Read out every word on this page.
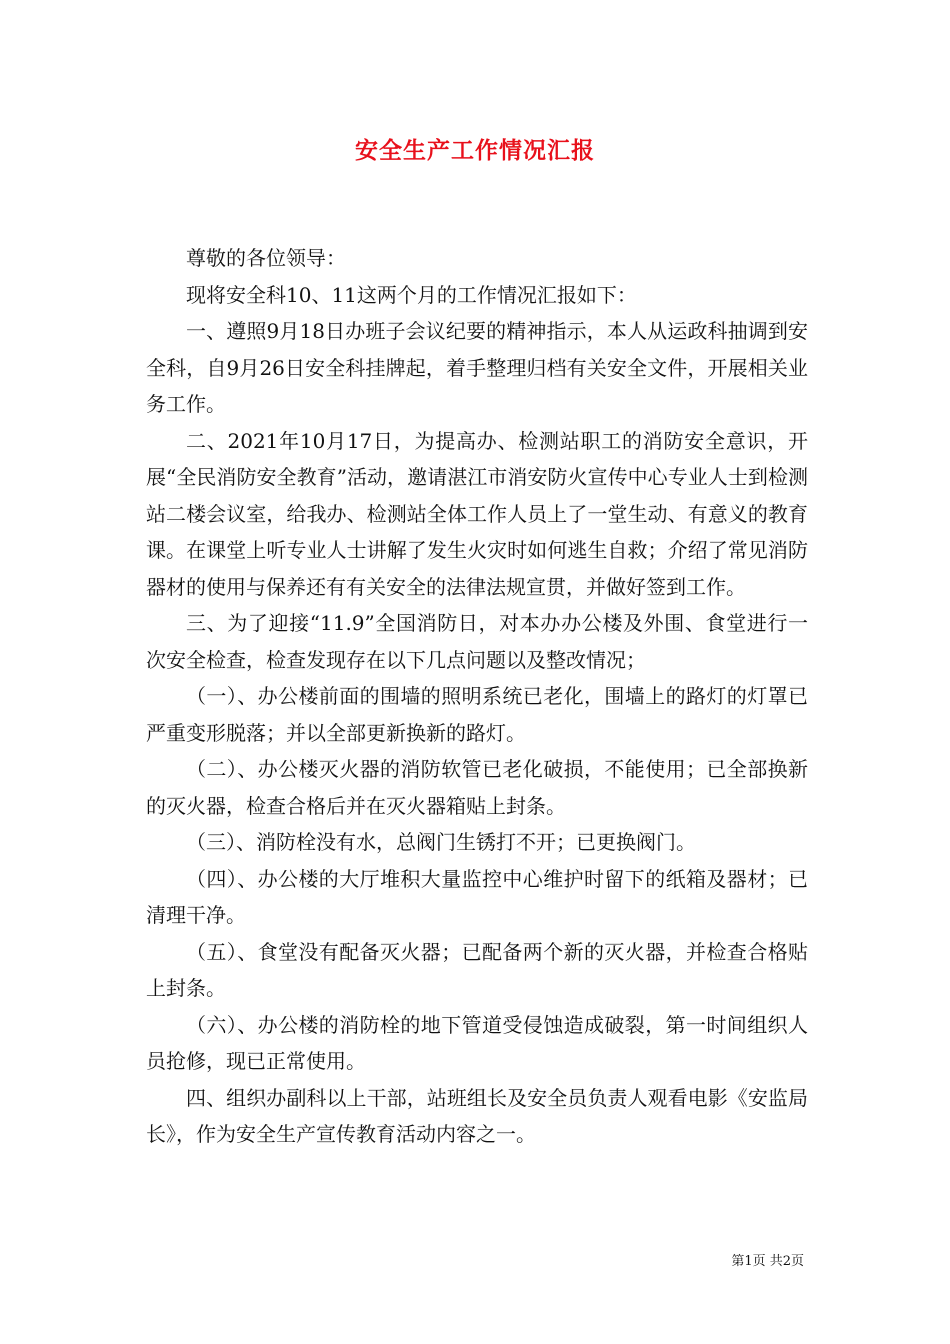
安全生产工作情况汇报

尊敬的各位领导：

现将安全科10、11这两个月的工作情况汇报如下：

一、遵照9月18日办班子会议纪要的精神指示，本人从运政科抽调到安全科，自9月26日安全科挂牌起，着手整理归档有关安全文件，开展相关业务工作。

二、2021年10月17日，为提高办、检测站职工的消防安全意识，开展“全民消防安全教育”活动，邀请湛江市消安防火宣传中心专业人士到检测站二楼会议室，给我办、检测站全体工作人员上了一堂生动、有意义的教育课。在课堂上听专业人士讲解了发生火灾时如何逃生自救；介绍了常见消防器材的使用与保养还有有关安全的法律法规宣贯，并做好签到工作。

三、为了迎接“11.9”全国消防日，对本办办公楼及外围、食堂进行一次安全检查，检查发现存在以下几点问题以及整改情况；

（一）、办公楼前面的围墙的照明系统已老化，围墙上的路灯的灯罩已严重变形脱落；并以全部更新换新的路灯。

（二）、办公楼灭火器的消防软管已老化破损，不能使用；已全部换新的灭火器，检查合格后并在灭火器箱贴上封条。

（三）、消防栓没有水，总阀门生锈打不开；已更换阀门。

（四）、办公楼的大厅堆积大量监控中心维护时留下的纸箱及器材；已清理干净。

（五）、食堂没有配备灭火器；已配备两个新的灭火器，并检查合格贴上封条。

（六）、办公楼的消防栓的地下管道受侵蚀造成破裂，第一时间组织人员抢修，现已正常使用。

四、组织办副科以上干部，站班组长及安全员负责人观看电影《安监局长》，作为安全生产宣传教育活动内容之一。

第1页 共2页
